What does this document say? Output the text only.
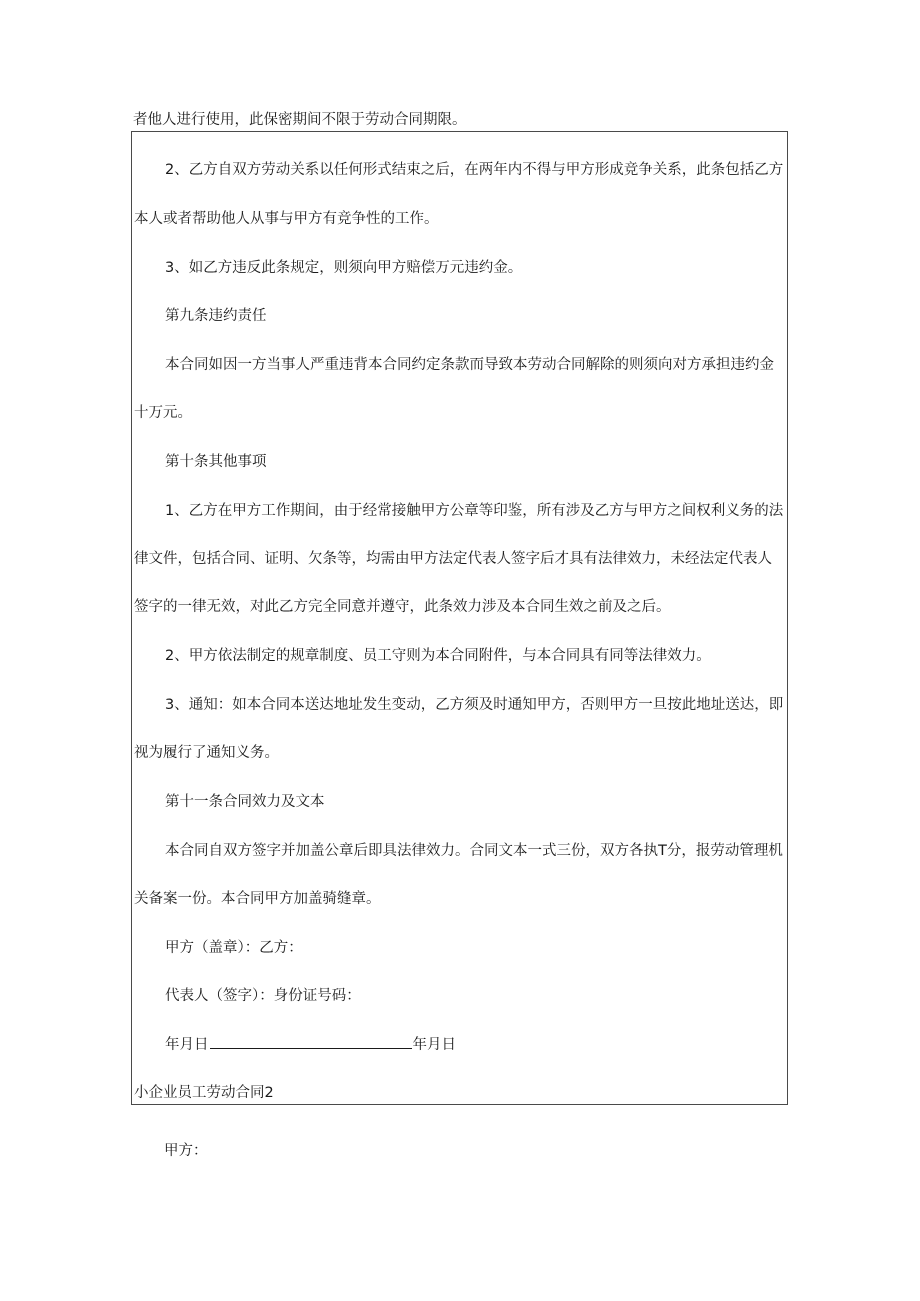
者他人进行使用，此保密期间不限于劳动合同期限。
2、乙方自双方劳动关系以任何形式结束之后，在两年内不得与甲方形成竞争关系，此条包括乙方
本人或者帮助他人从事与甲方有竞争性的工作。
3、如乙方违反此条规定，则须向甲方赔偿万元违约金。
第九条违约责任
本合同如因一方当事人严重违背本合同约定条款而导致本劳动合同解除的则须向对方承担违约金
十万元。
第十条其他事项
1、乙方在甲方工作期间，由于经常接触甲方公章等印鉴，所有涉及乙方与甲方之间权利义务的法
律文件，包括合同、证明、欠条等，均需由甲方法定代表人签字后才具有法律效力，未经法定代表人
签字的一律无效，对此乙方完全同意并遵守，此条效力涉及本合同生效之前及之后。
2、甲方依法制定的规章制度、员工守则为本合同附件，与本合同具有同等法律效力。
3、通知：如本合同本送达地址发生变动，乙方须及时通知甲方，否则甲方一旦按此地址送达，即
视为履行了通知义务。
第十一条合同效力及文本
本合同自双方签字并加盖公章后即具法律效力。合同文本一式三份，双方各执T分，报劳动管理机
关备案一份。本合同甲方加盖骑缝章。
甲方（盖章）：乙方：
代表人（签字）：身份证号码：
年月日	年月日
小企业员工劳动合同2
甲方：
